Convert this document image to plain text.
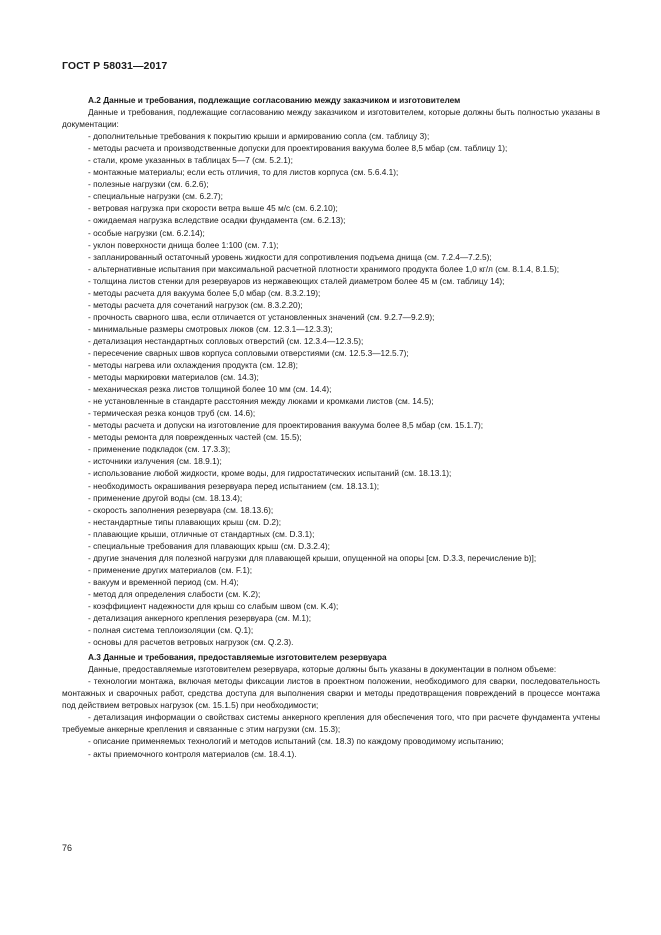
ГОСТ Р 58031—2017

А.2 Данные и требования, подлежащие согласованию между заказчиком и изготовителем

Данные и требования, подлежащие согласованию между заказчиком и изготовителем, которые должны быть полностью указаны в документации:

- дополнительные требования к покрытию крыши и армированию сопла (см. таблицу 3);
- методы расчета и производственные допуски для проектирования вакуума более 8,5 мбар (см. таблицу 1);
- стали, кроме указанных в таблицах 5—7 (см. 5.2.1);
- монтажные материалы; если есть отличия, то для листов корпуса (см. 5.6.4.1);
- полезные нагрузки (см. 6.2.6);
- специальные нагрузки (см. 6.2.7);
- ветровая нагрузка при скорости ветра выше 45 м/с (см. 6.2.10);
- ожидаемая нагрузка вследствие осадки фундамента (см. 6.2.13);
- особые нагрузки (см. 6.2.14);
- уклон поверхности днища более 1:100 (см. 7.1);
- запланированный остаточный уровень жидкости для сопротивления подъема днища (см. 7.2.4—7.2.5);
- альтернативные испытания при максимальной расчетной плотности хранимого продукта более 1,0 кг/л (см. 8.1.4, 8.1.5);
- толщина листов стенки для резервуаров из нержавеющих сталей диаметром более 45 м (см. таблицу 14);
- методы расчета для вакуума более 5,0 мбар (см. 8.3.2.19);
- методы расчета для сочетаний нагрузок (см. 8.3.2.20);
- прочность сварного шва, если отличается от установленных значений (см. 9.2.7—9.2.9);
- минимальные размеры смотровых люков (см. 12.3.1—12.3.3);
- детализация нестандартных сопловых отверстий (см. 12.3.4—12.3.5);
- пересечение сварных швов корпуса сопловыми отверстиями (см. 12.5.3—12.5.7);
- методы нагрева или охлаждения продукта (см. 12.8);
- методы маркировки материалов (см. 14.3);
- механическая резка листов толщиной более 10 мм (см. 14.4);
- не установленные в стандарте расстояния между люками и кромками листов (см. 14.5);
- термическая резка концов труб (см. 14.6);
- методы расчета и допуски на изготовление для проектирования вакуума более 8,5 мбар (см. 15.1.7);
- методы ремонта для поврежденных частей (см. 15.5);
- применение подкладок (см. 17.3.3);
- источники излучения (см. 18.9.1);
- использование любой жидкости, кроме воды, для гидростатических испытаний (см. 18.13.1);
- необходимость окрашивания резервуара перед испытанием (см. 18.13.1);
- применение другой воды (см. 18.13.4);
- скорость заполнения резервуара (см. 18.13.6);
- нестандартные типы плавающих крыш (см. D.2);
- плавающие крыши, отличные от стандартных (см. D.3.1);
- специальные требования для плавающих крыш (см. D.3.2.4);
- другие значения для полезной нагрузки для плавающей крыши, опущенной на опоры [см. D.3.3, перечисление b)];
- применение других материалов (см. F.1);
- вакуум и временной период (см. H.4);
- метод для определения слабости (см. K.2);
- коэффициент надежности для крыш со слабым швом (см. K.4);
- детализация анкерного крепления резервуара (см. M.1);
- полная система теплоизоляции (см. Q.1);
- основы для расчетов ветровых нагрузок (см. Q.2.3).

А.3 Данные и требования, предоставляемые изготовителем резервуара

Данные, предоставляемые изготовителем резервуара, которые должны быть указаны в документации в полном объеме:

- технологии монтажа, включая методы фиксации листов в проектном положении, необходимого для сварки, последовательность монтажных и сварочных работ, средства доступа для выполнения сварки и методы предотвращения повреждений в процессе монтажа под действием ветровых нагрузок (см. 15.1.5) при необходимости;
- детализация информации о свойствах системы анкерного крепления для обеспечения того, что при расчете фундамента учтены требуемые анкерные крепления и связанные с этим нагрузки (см. 15.3);
- описание применяемых технологий и методов испытаний (см. 18.3) по каждому проводимому испытанию;
- акты приемочного контроля материалов (см. 18.4.1).
76
